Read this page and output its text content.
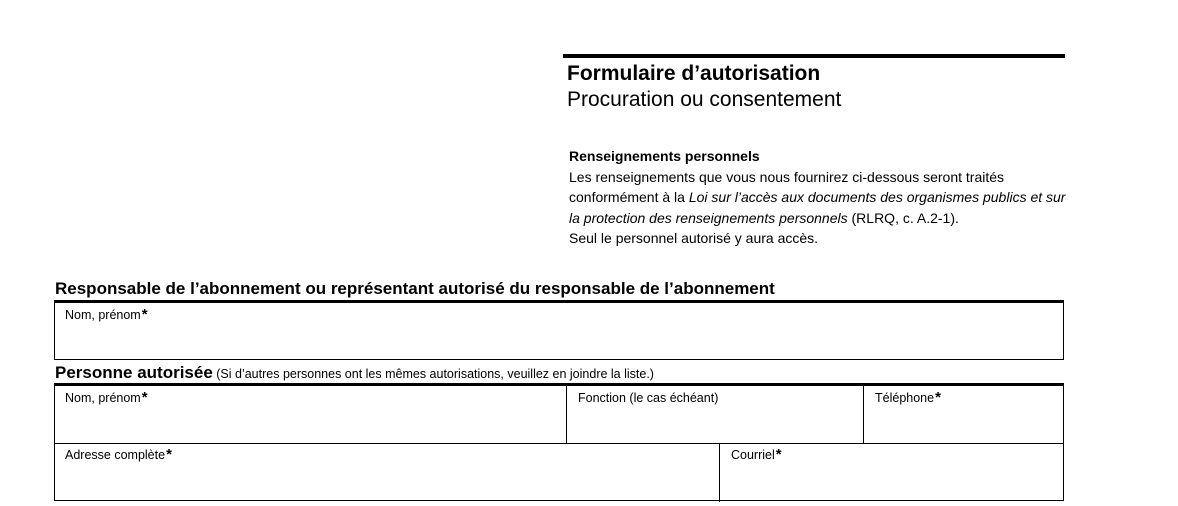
Formulaire d’autorisation
Procuration ou consentement
Renseignements personnels
Les renseignements que vous nous fournirez ci-dessous seront traités conformément à la Loi sur l’accès aux documents des organismes publics et sur la protection des renseignements personnels (RLRQ, c. A.2-1).
Seul le personnel autorisé y aura accès.
Responsable de l’abonnement ou représentant autorisé du responsable de l’abonnement
Nom, prénom*
Personne autorisée (Si d’autres personnes ont les mêmes autorisations, veuillez en joindre la liste.)
Nom, prénom*	Fonction (le cas échéant)	Téléphone*
Adresse complète*	Courriel*
